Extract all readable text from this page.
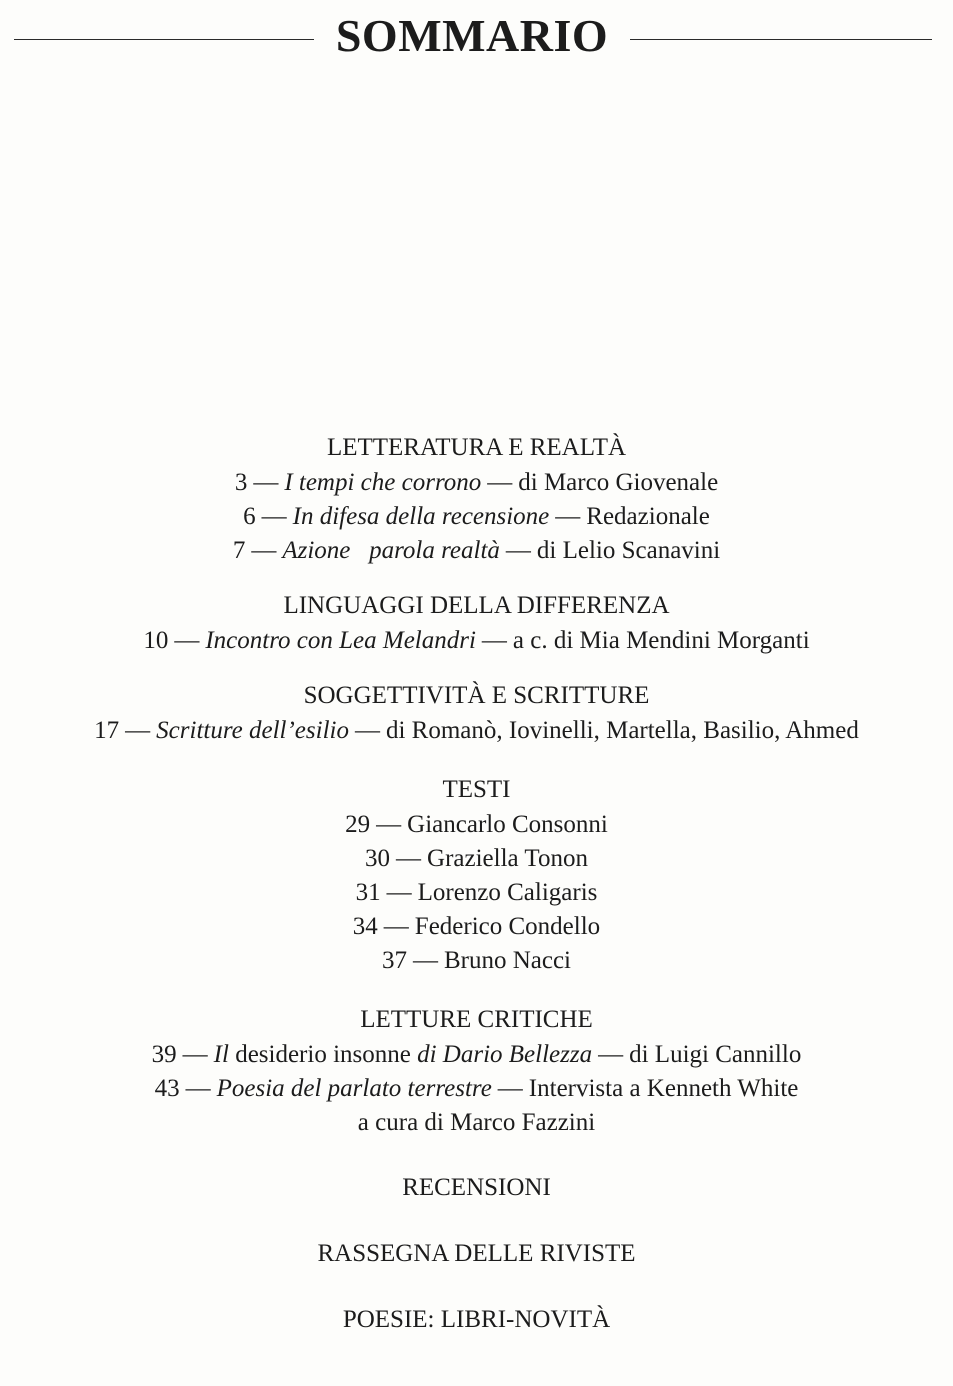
SOMMARIO
LETTERATURA E REALTÀ
3 — I tempi che corrono — di Marco Giovenale
6 — In difesa della recensione — Redazionale
7 — Azione   parola realtà — di Lelio Scanavini
LINGUAGGI DELLA DIFFERENZA
10 — Incontro con Lea Melandri — a c. di Mia Mendini Morganti
SOGGETTIVITÀ E SCRITTURE
17 — Scritture dell’esilio — di Romanò, Iovinelli, Martella, Basilio, Ahmed
TESTI
29 — Giancarlo Consonni
30 — Graziella Tonon
31 — Lorenzo Caligaris
34 — Federico Condello
37 — Bruno Nacci
LETTURE CRITICHE
39 — Il desiderio insonne di Dario Bellezza — di Luigi Cannillo
43 — Poesia del parlato terrestre — Intervista a Kenneth White
a cura di Marco Fazzini
RECENSIONI
RASSEGNA DELLE RIVISTE
POESIE: LIBRI-NOVITÀ
